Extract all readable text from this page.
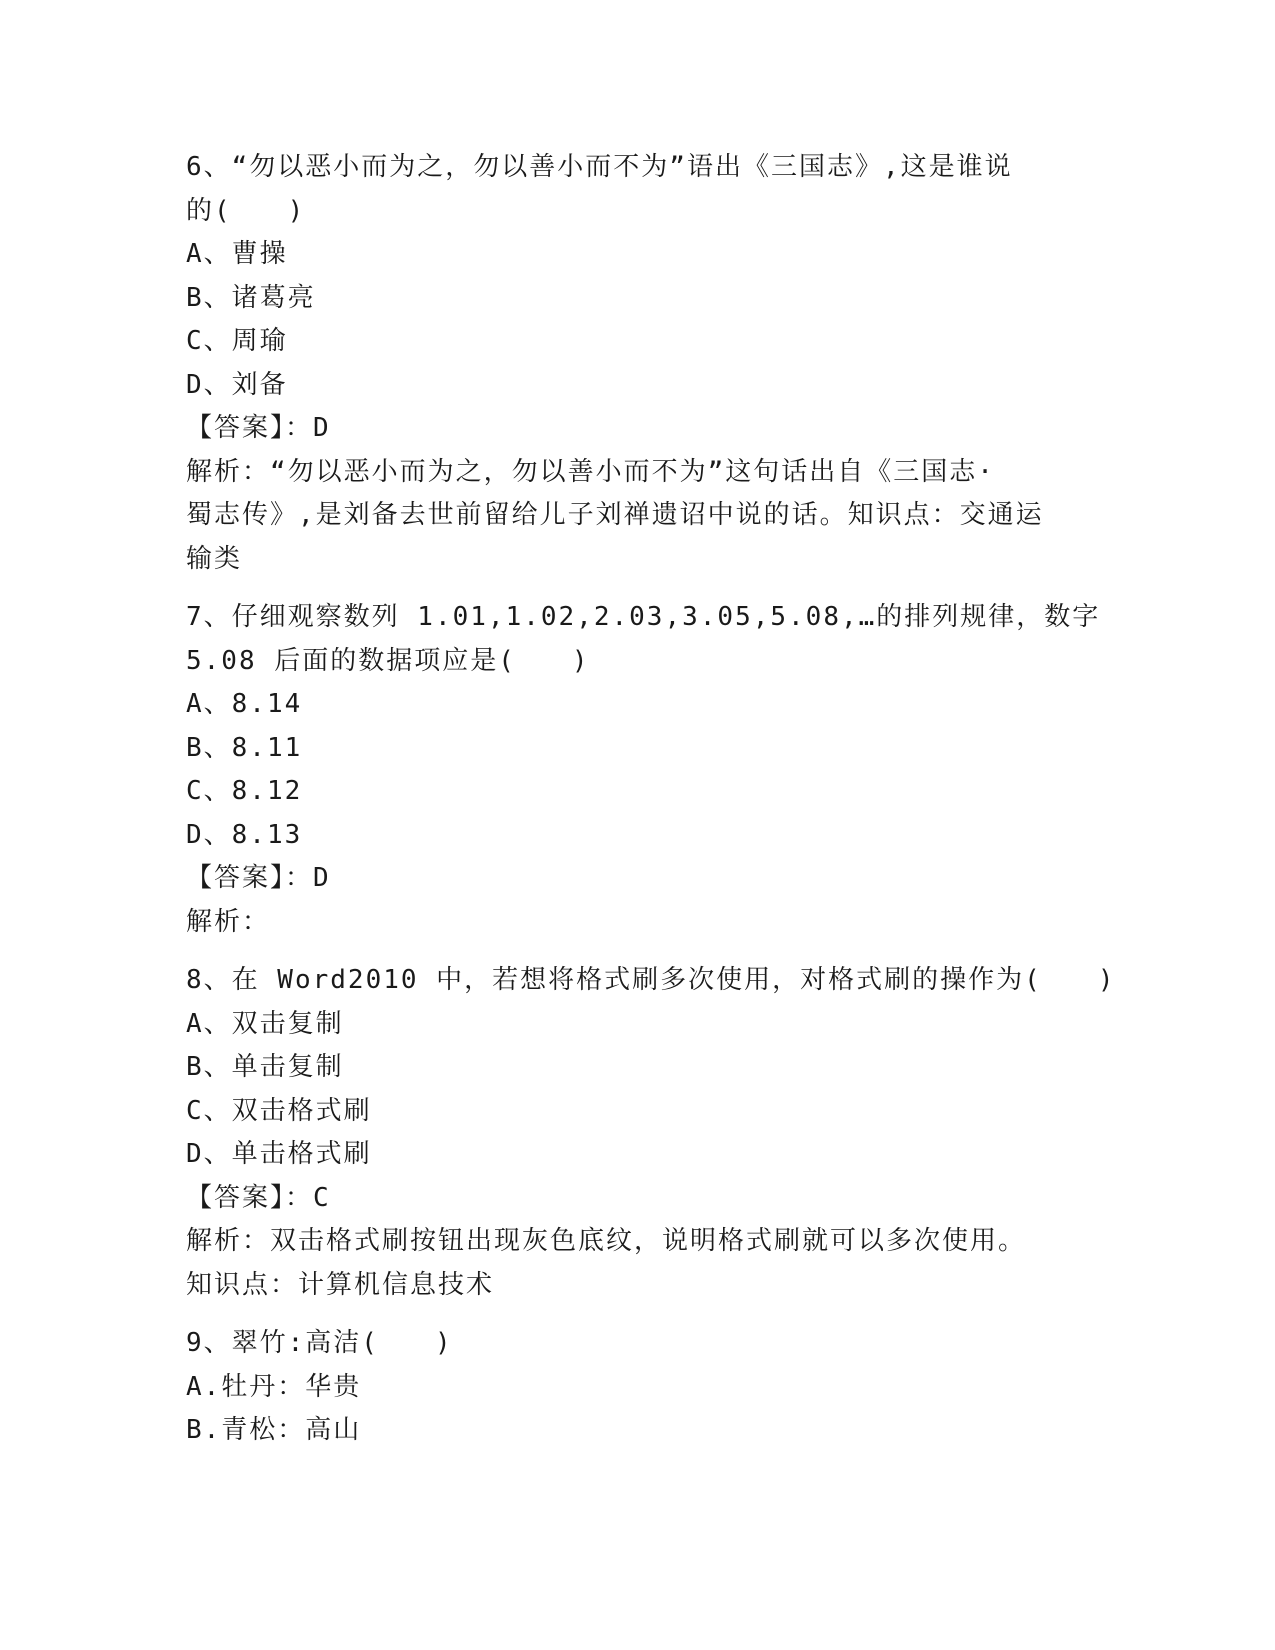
6、“勿以恶小而为之，勿以善小而不为”语出《三国志》,这是谁说
的(　　)
A、曹操
B、诸葛亮
C、周瑜
D、刘备
【答案】：D
解析：“勿以恶小而为之，勿以善小而不为”这句话出自《三国志·
蜀志传》,是刘备去世前留给儿子刘禅遗诏中说的话。知识点：交通运
输类
7、仔细观察数列 1.01,1.02,2.03,3.05,5.08,…的排列规律，数字
5.08 后面的数据项应是(　　)
A、8.14
B、8.11
C、8.12
D、8.13
【答案】：D
解析：
8、在 Word2010 中，若想将格式刷多次使用，对格式刷的操作为(　　)
A、双击复制
B、单击复制
C、双击格式刷
D、单击格式刷
【答案】：C
解析：双击格式刷按钮出现灰色底纹，说明格式刷就可以多次使用。
知识点：计算机信息技术
9、翠竹:高洁(　　)
A.牡丹：华贵
B.青松：高山
